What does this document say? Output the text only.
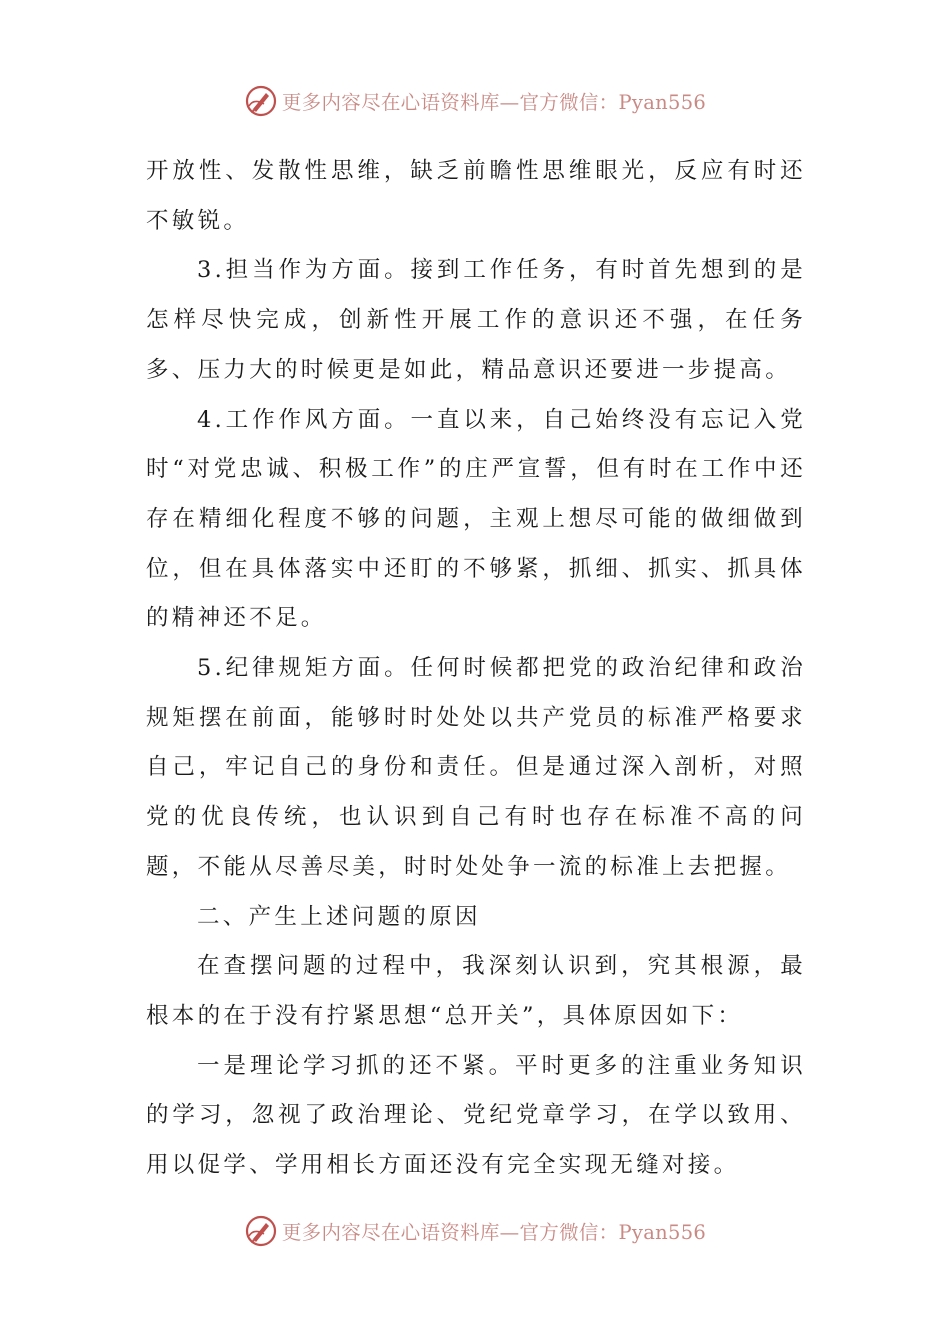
更多内容尽在心语资料库—官方微信：Pyan556

开放性、发散性思维，缺乏前瞻性思维眼光，反应有时还不敏锐。

3.担当作为方面。接到工作任务，有时首先想到的是怎样尽快完成，创新性开展工作的意识还不强，在任务多、压力大的时候更是如此，精品意识还要进一步提高。

4.工作作风方面。一直以来，自己始终没有忘记入党时“对党忠诚、积极工作”的庄严宣誓，但有时在工作中还存在精细化程度不够的问题，主观上想尽可能的做细做到位，但在具体落实中还盯的不够紧，抓细、抓实、抓具体的精神还不足。

5.纪律规矩方面。任何时候都把党的政治纪律和政治规矩摆在前面，能够时时处处以共产党员的标准严格要求自己，牢记自己的身份和责任。但是通过深入剖析，对照党的优良传统，也认识到自己有时也存在标准不高的问题，不能从尽善尽美，时时处处争一流的标准上去把握。

二、产生上述问题的原因

在查摆问题的过程中，我深刻认识到，究其根源，最根本的在于没有拧紧思想“总开关”，具体原因如下：

一是理论学习抓的还不紧。平时更多的注重业务知识的学习，忽视了政治理论、党纪党章学习，在学以致用、用以促学、学用相长方面还没有完全实现无缝对接。

更多内容尽在心语资料库—官方微信：Pyan556
